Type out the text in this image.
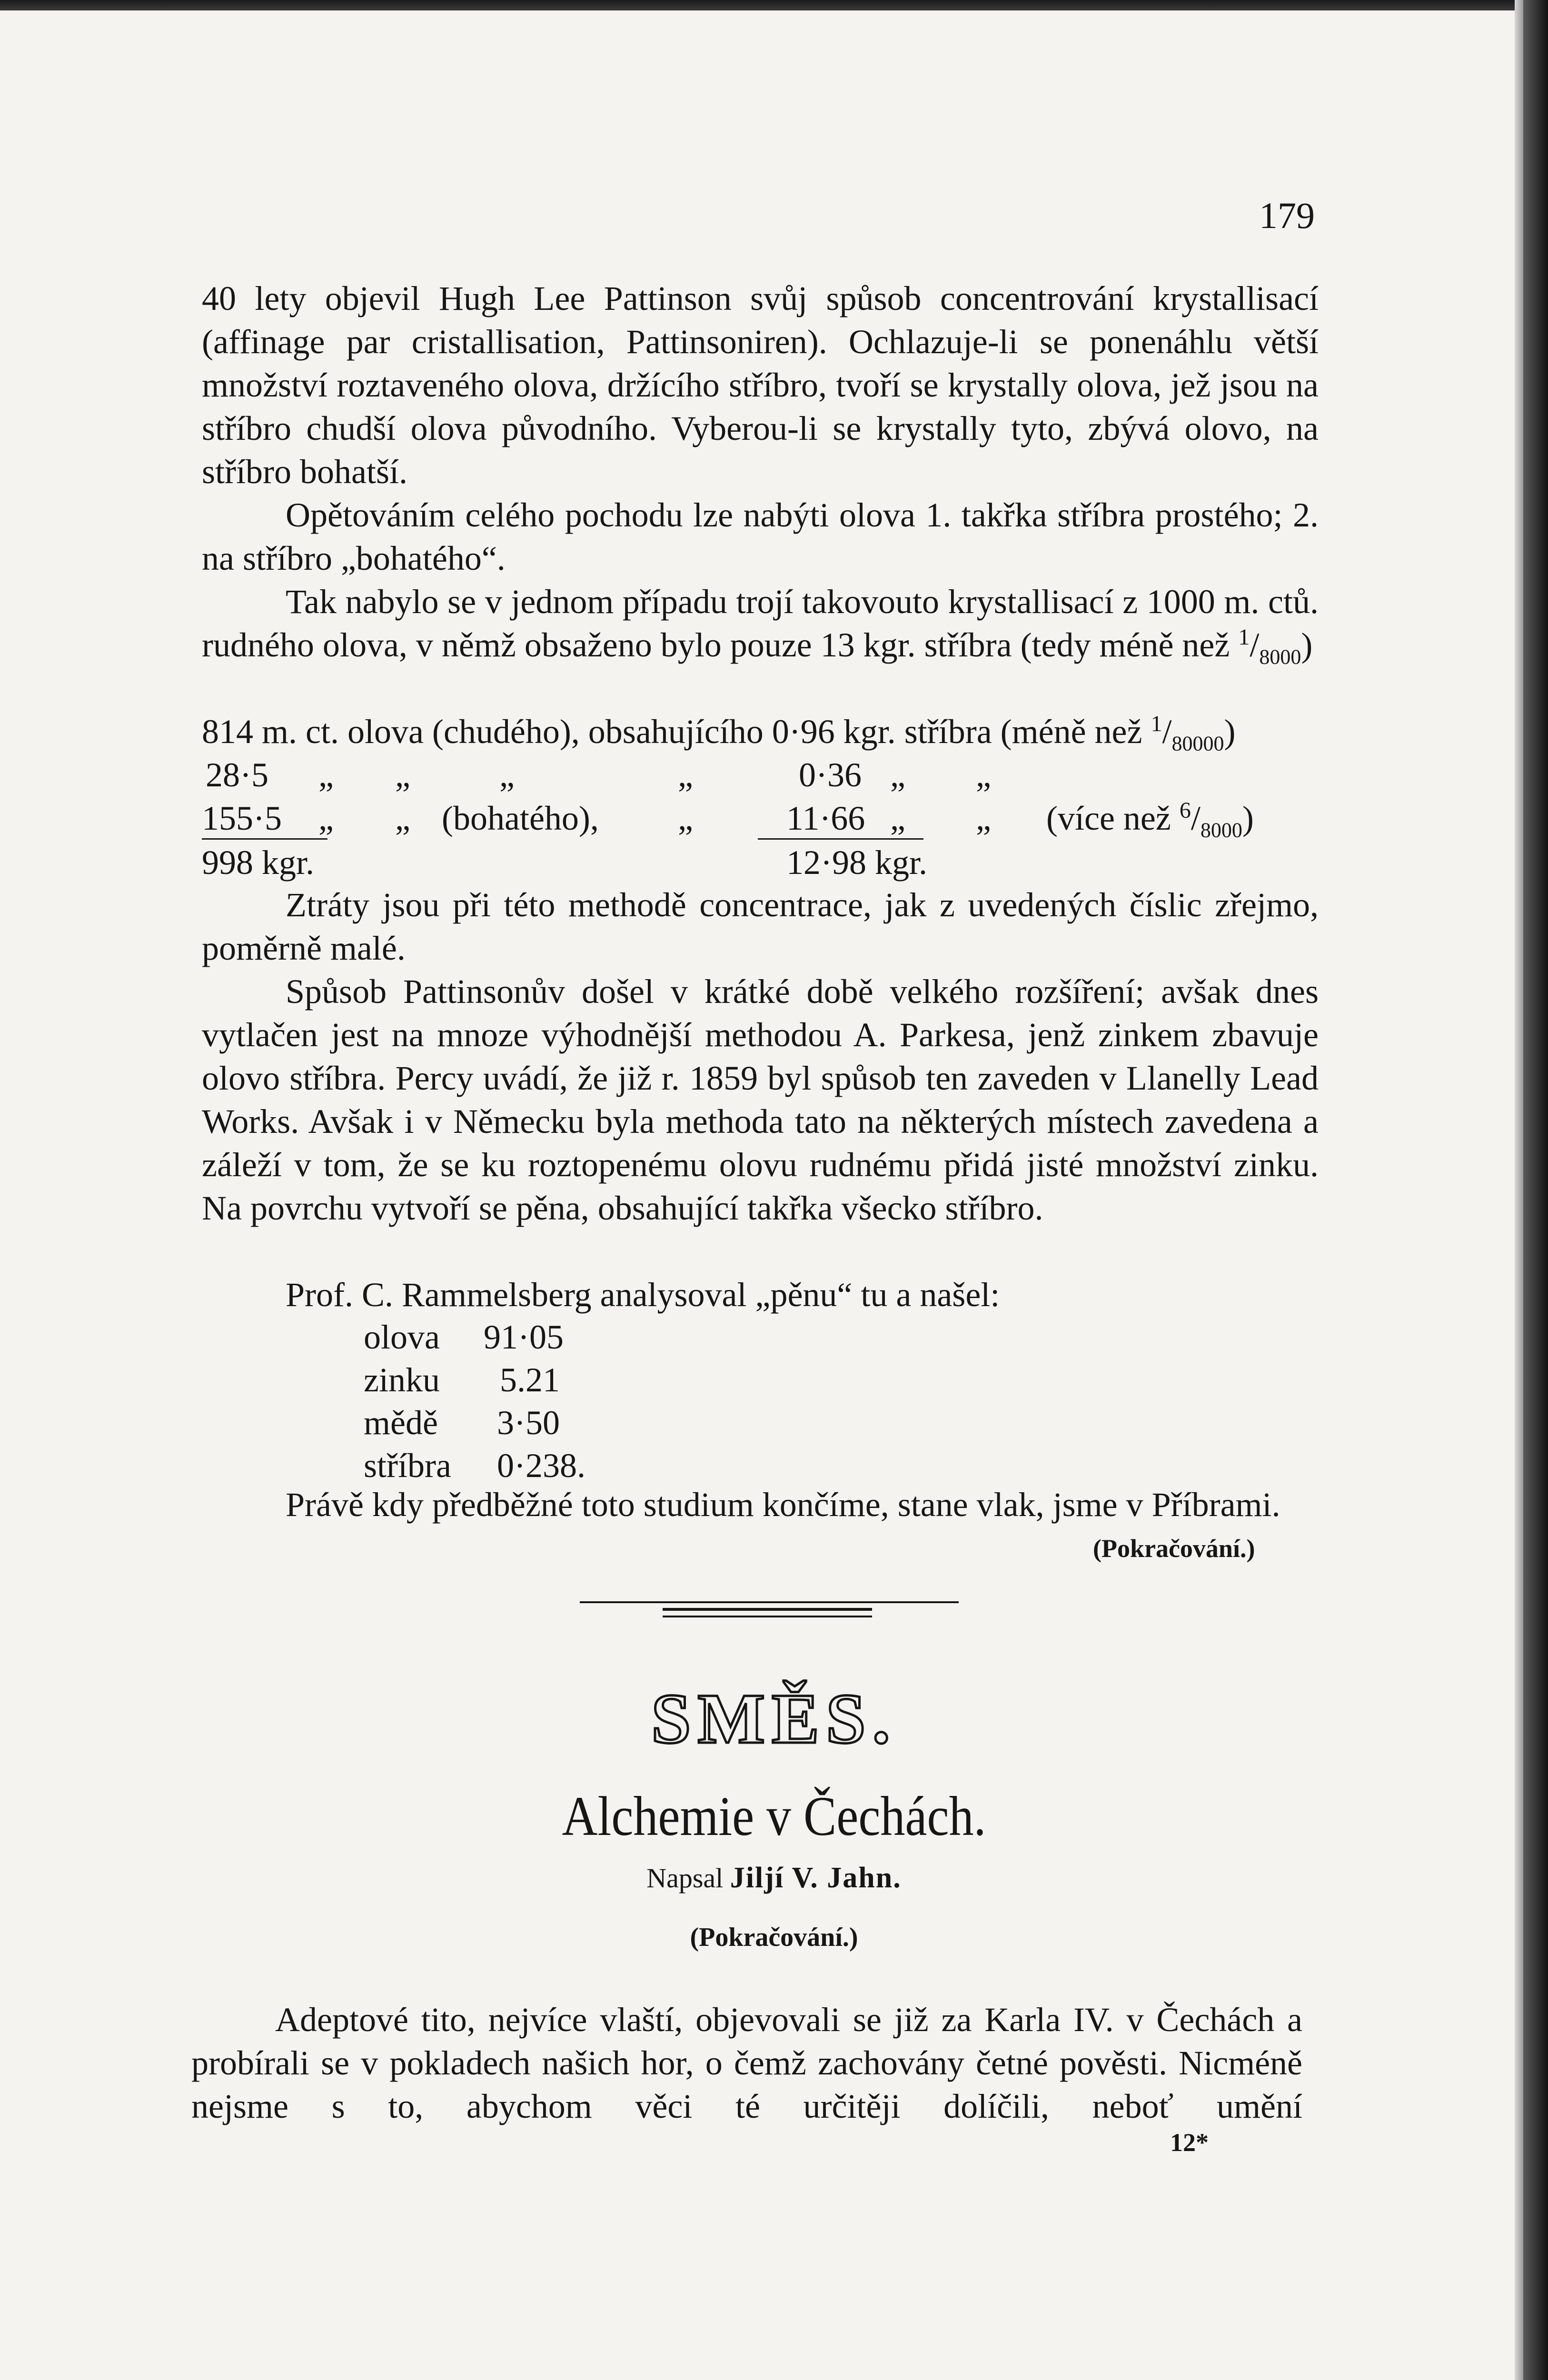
179

40 lety objevil Hugh Lee Pattinson svůj spůsob concentrování krystallisací (affinage par cristallisation, Pattinsoniren). Ochlazuje-li se ponenáhlu větší množství roztaveného olova, držícího stříbro, tvoří se krystally olova, jež jsou na stříbro chudší olova původního. Vyberou-li se krystally tyto, zbývá olovo, na stříbro bohatší.

Opětováním celého pochodu lze nabýti olova 1. takřka stříbra prostého; 2. na stříbro „bohatého“.

Tak nabylo se v jednom případu trojí takovouto krystallisací z 1000 m. ctů. rudného olova, v němž obsaženo bylo pouze 13 kgr. stříbra (tedy méně než $^1/_{8000}$)

814 m. ct. olova (chudého), obsahujícího 0·96 kgr. stříbra (méně než $^1/_{80000}$)
28·5 „ „	„	„	0·36 „ „
155·5 „ „ (bohatého), „	11·66 „ „ (více než $^6/_{8000}$)
998 kgr.	12·98 kgr.

Ztráty jsou při této methodě concentrace, jak z uvedených číslic zřejmo, poměrně malé.

Spůsob Pattinsonův došel v krátké době velkého rozšíření; avšak dnes vytlačen jest na mnoze výhodnější methodou A. Parkesa, jenž zinkem zbavuje olovo stříbra. Percy uvádí, že již r. 1859 byl spůsob ten zaveden v Llanelly Lead Works. Avšak i v Německu byla methoda tato na některých místech zavedena a záleží v tom, že se ku roztopenému olovu rudnému přidá jisté množství zinku. Na povrchu vytvoří se pěna, obsahující takřka všecko stříbro.

Prof. C. Rammelsberg analysoval „pěnu“ tu a našel:

olova 91·05
zinku 5.21
mědě 3·50
stříbra 0·238.

Právě kdy předběžné toto studium končíme, stane vlak, jsme v Příbrami.

(Pokračování.)
SMĚS.
Alchemie v Čechách.
Napsal Jiljí V. Jahn.
(Pokračování.)

Adeptové tito, nejvíce vlaští, objevovali se již za Karla IV. v Čechách a probírali se v pokladech našich hor, o čemž zachovány četné pověsti. Nicméně nejsme s to, abychom věci té určitěji dolíčili, neboť umění

12*
